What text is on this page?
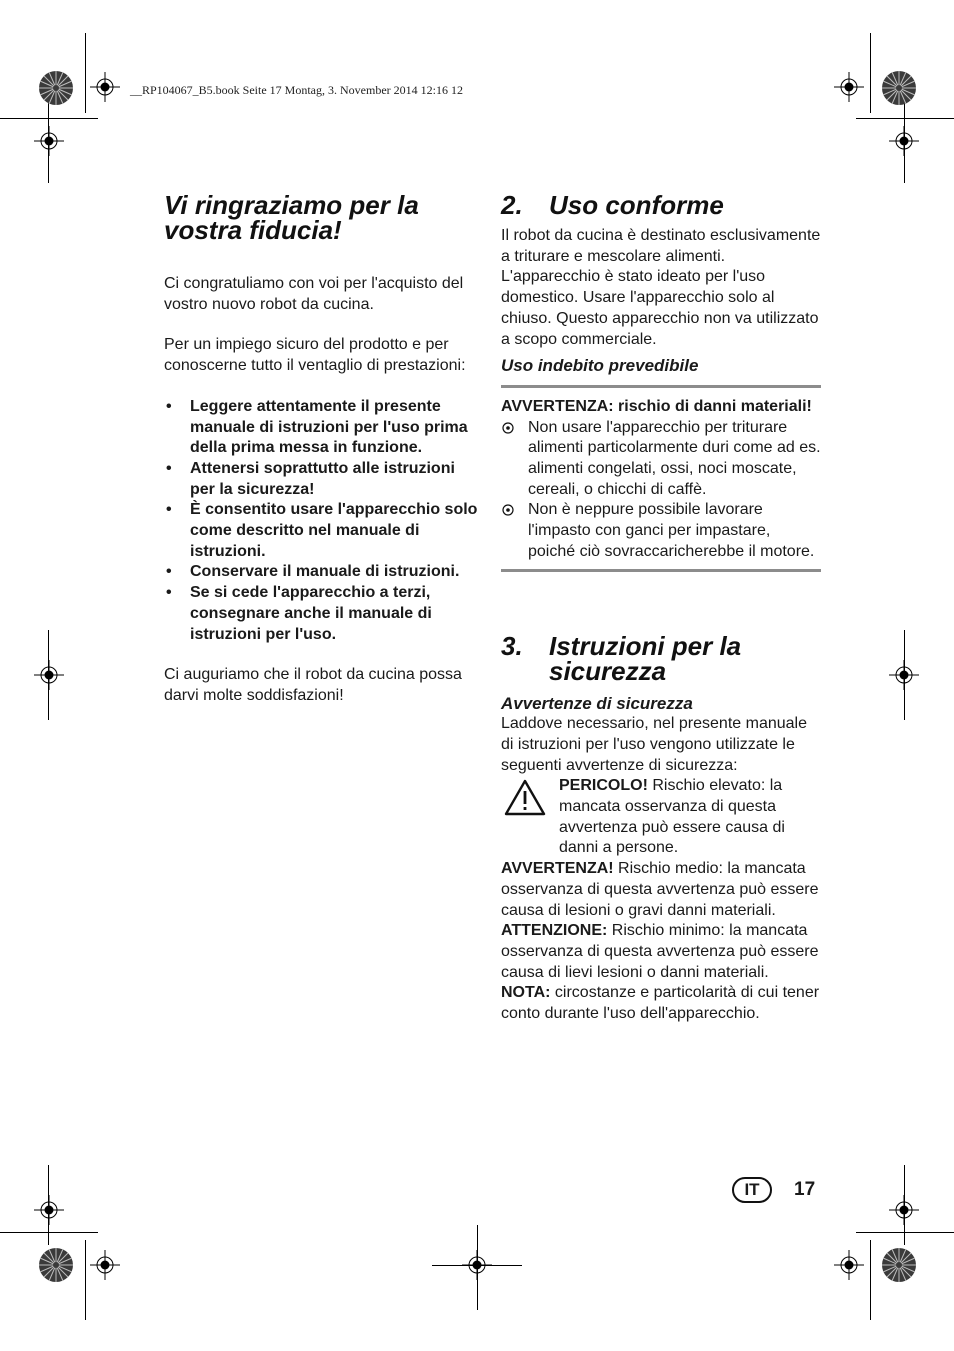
__RP104067_B5.book Seite 17 Montag, 3. November 2014 12:16 12
Vi ringraziamo per la vostra fiducia!

Ci congratuliamo con voi per l'acquisto del vostro nuovo robot da cucina.

Per un impiego sicuro del prodotto e per conoscerne tutto il ventaglio di prestazioni:

• Leggere attentamente il presente manuale di istruzioni per l'uso prima della prima messa in funzione.
• Attenersi soprattutto alle istruzioni per la sicurezza!
• È consentito usare l'apparecchio solo come descritto nel manuale di istruzioni.
• Conservare il manuale di istruzioni.
• Se si cede l'apparecchio a terzi, consegnare anche il manuale di istruzioni per l'uso.

Ci auguriamo che il robot da cucina possa darvi molte soddisfazioni!

2. Uso conforme

Il robot da cucina è destinato esclusivamente a triturare e mescolare alimenti. L'apparecchio è stato ideato per l'uso domestico. Usare l'apparecchio solo al chiuso. Questo apparecchio non va utilizzato a scopo commerciale.

Uso indebito prevedibile

AVVERTENZA: rischio di danni materiali!

Non usare l'apparecchio per triturare alimenti particolarmente duri come ad es. alimenti congelati, ossi, noci moscate, cereali, o chicchi di caffè.
Non è neppure possibile lavorare l'impasto con ganci per impastare, poiché ciò sovraccaricherebbe il motore.
3. Istruzioni per la sicurezza
Avvertenze di sicurezza

Laddove necessario, nel presente manuale di istruzioni per l'uso vengono utilizzate le seguenti avvertenze di sicurezza:

PERICOLO! Rischio elevato: la mancata osservanza di questa avvertenza può essere causa di danni a persone.

AVVERTENZA! Rischio medio: la mancata osservanza di questa avvertenza può essere causa di lesioni o gravi danni materiali.

ATTENZIONE: Rischio minimo: la mancata osservanza di questa avvertenza può essere causa di lievi lesioni o danni materiali.

NOTA: circostanze e particolarità di cui tener conto durante l'uso dell'apparecchio.

IT	17
